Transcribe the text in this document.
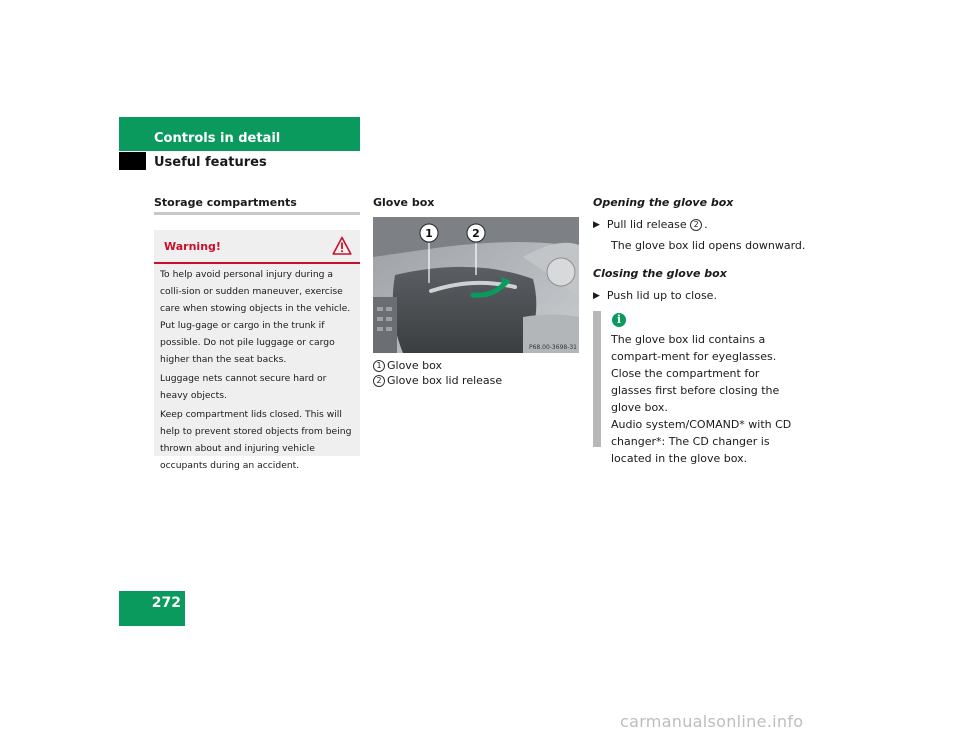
Controls in detail
Useful features
Storage compartments
Warning!

To help avoid personal injury during a colli-sion or sudden maneuver, exercise care when stowing objects in the vehicle. Put lug-gage or cargo in the trunk if possible. Do not pile luggage or cargo higher than the seat backs.

Luggage nets cannot secure hard or heavy objects.

Keep compartment lids closed. This will help to prevent stored objects from being thrown about and injuring vehicle occupants during an accident.

Glove box
1	2
P68.00-3698-31
1 Glove box
2 Glove box lid release
Opening the glove box
▶ Pull lid release
2 .
The glove box lid opens downward.
Closing the glove box
▶ Push lid up to close.
i

The glove box lid contains a compart-ment for eyeglasses.

Close the compartment for glasses first before closing the glove box.

Audio system/COMAND* with CD changer*: The CD changer is located in the glove box.

272
carmanualsonline.info
